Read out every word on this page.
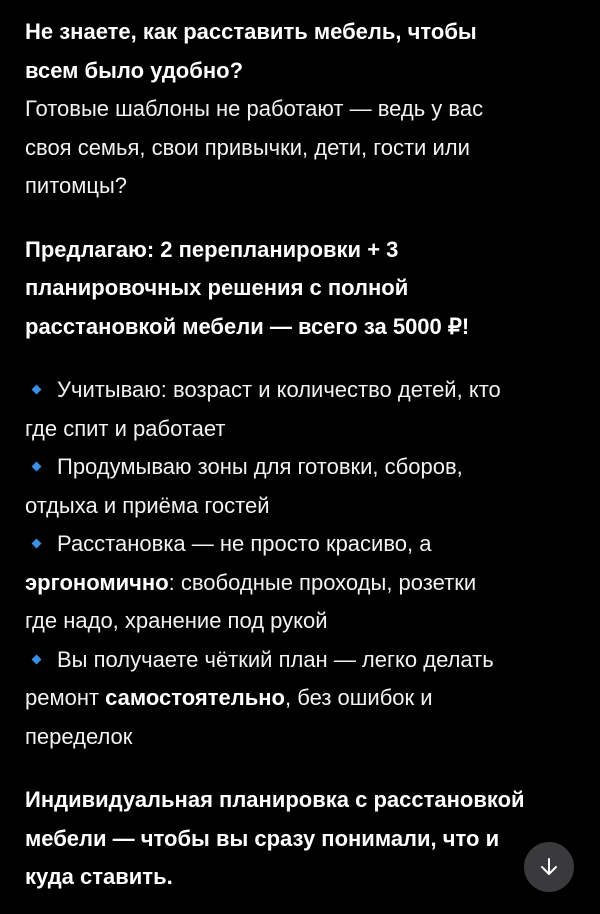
Не знаете, как расставить мебель, чтобы
всем было удобно?
Готовые шаблоны не работают — ведь у вас
своя семья, свои привычки, дети, гости или
питомцы?
Предлагаю: 2 перепланировки + 3
планировочных решения с полной
расстановкой мебели — всего за 5000 ₽!
Учитываю: возраст и количество детей, кто
где спит и работает
Продумываю зоны для готовки, сборов,
отдыха и приёма гостей
Расстановка — не просто красиво, а
эргономично: свободные проходы, розетки
где надо, хранение под рукой
Вы получаете чёткий план — легко делать
ремонт самостоятельно, без ошибок и
переделок
Индивидуальная планировка с расстановкой
мебели — чтобы вы сразу понимали, что и
куда ставить.
